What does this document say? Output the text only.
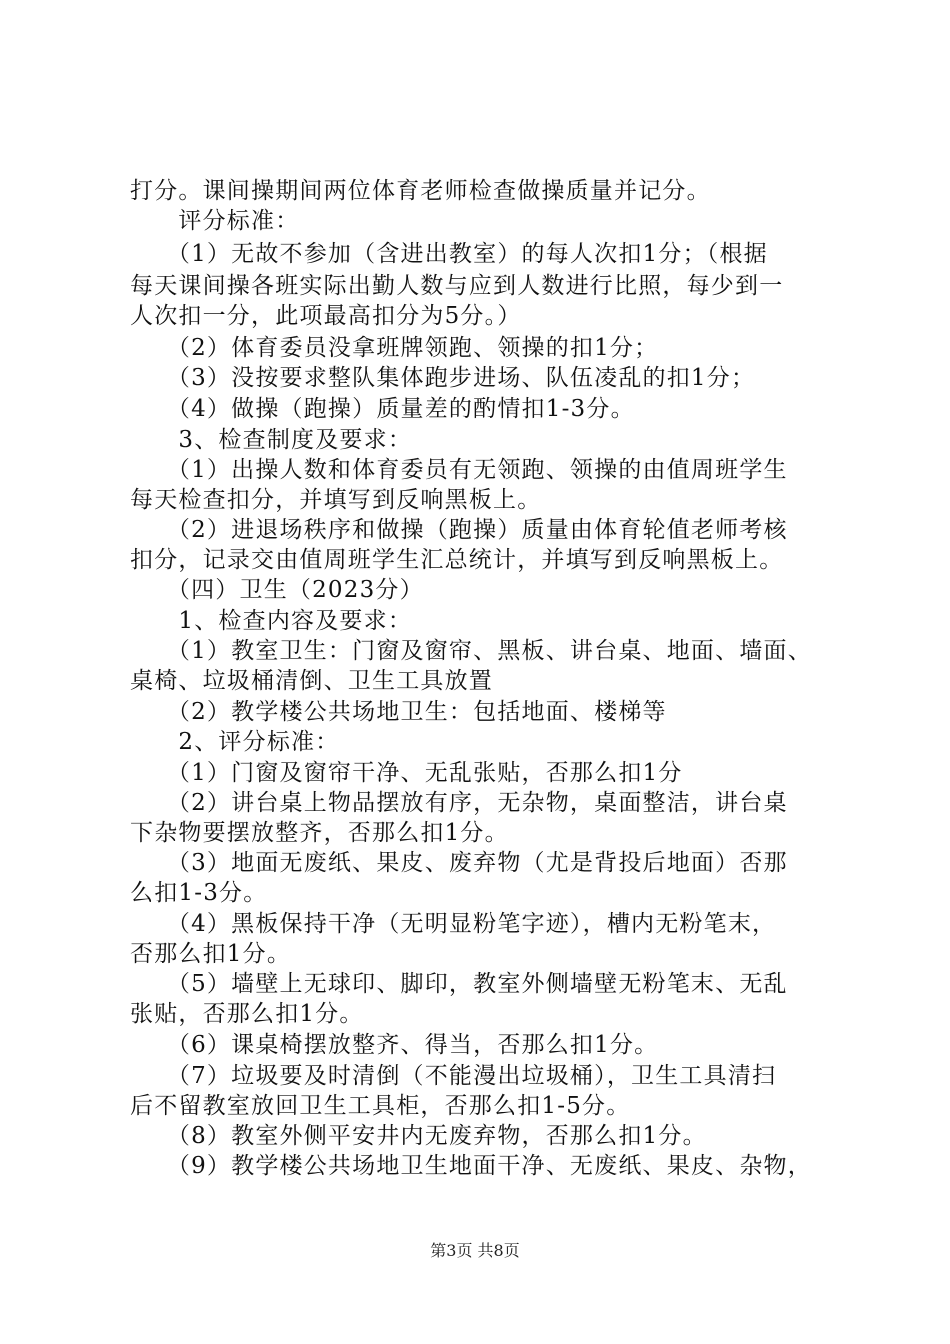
打分。课间操期间两位体育老师检查做操质量并记分。
　　评分标准：
　　（1）无故不参加（含进出教室）的每人次扣1分；（根据
每天课间操各班实际出勤人数与应到人数进行比照，每少到一
人次扣一分，此项最高扣分为5分。）
　　（2）体育委员没拿班牌领跑、领操的扣1分；
　　（3）没按要求整队集体跑步进场、队伍凌乱的扣1分；
　　（4）做操（跑操）质量差的酌情扣1-3分。
　　3、检查制度及要求：
　　（1）出操人数和体育委员有无领跑、领操的由值周班学生
每天检查扣分，并填写到反响黑板上。
　　（2）进退场秩序和做操（跑操）质量由体育轮值老师考核
扣分，记录交由值周班学生汇总统计，并填写到反响黑板上。
　　（四）卫生（2023分）
　　1、检查内容及要求：
　　（1）教室卫生：门窗及窗帘、黑板、讲台桌、地面、墙面、
桌椅、垃圾桶清倒、卫生工具放置
　　（2）教学楼公共场地卫生：包括地面、楼梯等
　　2、评分标准：
　　（1）门窗及窗帘干净、无乱张贴，否那么扣1分
　　（2）讲台桌上物品摆放有序，无杂物，桌面整洁，讲台桌
下杂物要摆放整齐，否那么扣1分。
　　（3）地面无废纸、果皮、废弃物（尤是背投后地面）否那
么扣1-3分。
　　（4）黑板保持干净（无明显粉笔字迹），槽内无粉笔末，
否那么扣1分。
　　（5）墙壁上无球印、脚印，教室外侧墙壁无粉笔末、无乱
张贴，否那么扣1分。
　　（6）课桌椅摆放整齐、得当，否那么扣1分。
　　（7）垃圾要及时清倒（不能漫出垃圾桶），卫生工具清扫
后不留教室放回卫生工具柜，否那么扣1-5分。
　　（8）教室外侧平安井内无废弃物，否那么扣1分。
　　（9）教学楼公共场地卫生地面干净、无废纸、果皮、杂物，
第3页 共8页
